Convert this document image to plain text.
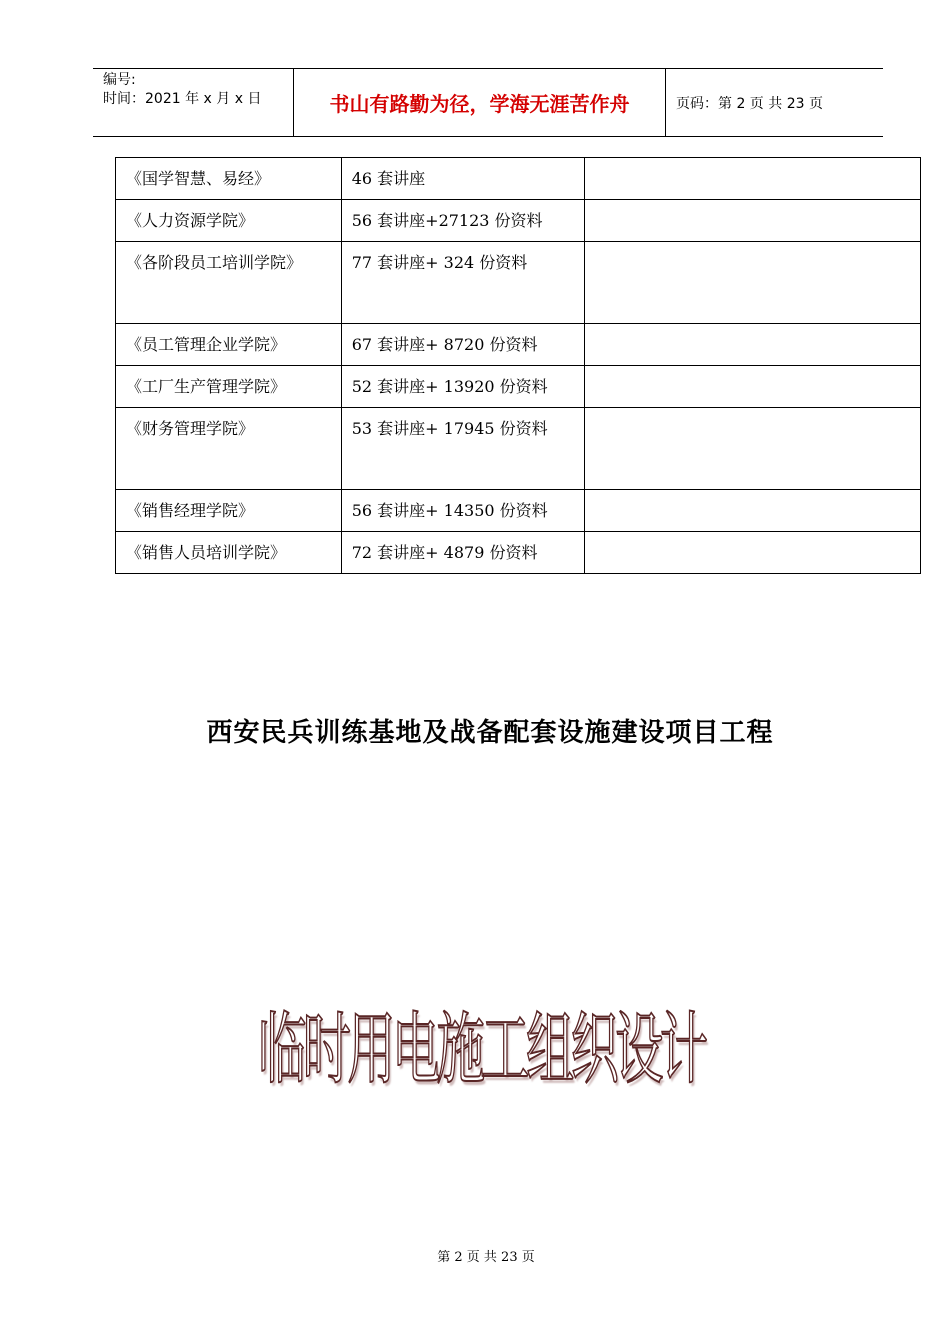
编号:
时间：2021 年 x 月 x 日	书山有路勤为径，学海无涯苦作舟	页码：第 2 页 共 23 页
《国学智慧、易经》	46 套讲座	
《人力资源学院》	56 套讲座+27123 份资料	
《各阶段员工培训学院》	77 套讲座+ 324 份资料	
《员工管理企业学院》	67 套讲座+ 8720 份资料	
《工厂生产管理学院》	52 套讲座+ 13920 份资料	
《财务管理学院》	53 套讲座+ 17945 份资料	
《销售经理学院》	56 套讲座+ 14350 份资料	
《销售人员培训学院》	72 套讲座+ 4879 份资料	
西安民兵训练基地及战备配套设施建设项目工程
临时用电施工组织设计
第 2 页 共 23 页
